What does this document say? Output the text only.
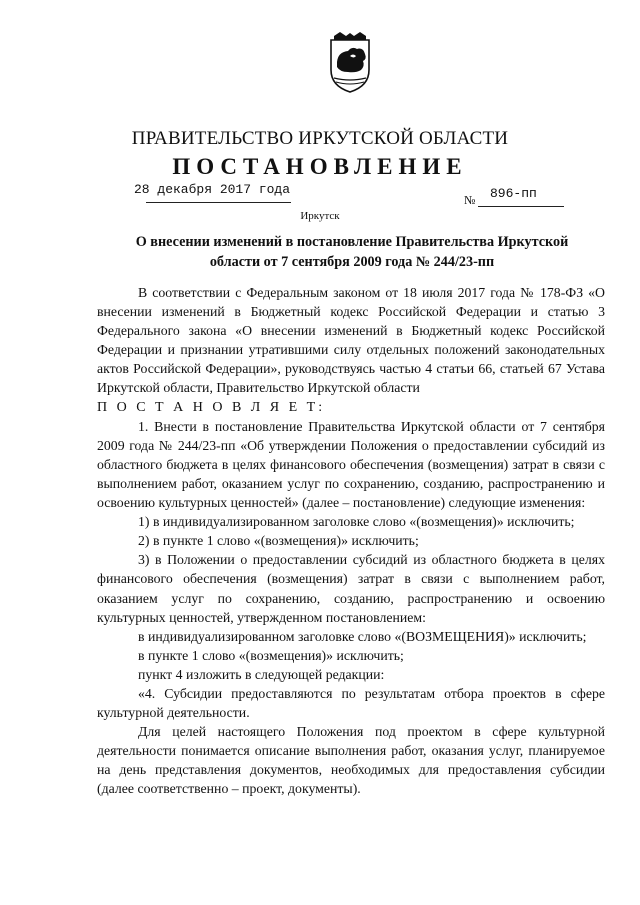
ПРАВИТЕЛЬСТВО ИРКУТСКОЙ ОБЛАСТИ
ПОСТАНОВЛЕНИЕ
28 декабря 2017 года
№ 896-пп
Иркутск
О внесении изменений в постановление Правительства Иркутской области от 7 сентября 2009 года № 244/23-пп

В соответствии с Федеральным законом от 18 июля 2017 года № 178-ФЗ «О внесении изменений в Бюджетный кодекс Российской Федерации и статью 3 Федерального закона «О внесении изменений в Бюджетный кодекс Российской Федерации и признании утратившими силу отдельных положений законодательных актов Российской Федерации», руководствуясь частью 4 статьи 66, статьей 67 Устава Иркутской области, Правительство Иркутской области

П О С Т А Н О В Л Я Е Т:

1. Внести в постановление Правительства Иркутской области от 7 сентября 2009 года № 244/23-пп «Об утверждении Положения о предоставлении субсидий из областного бюджета в целях финансового обеспечения (возмещения) затрат в связи с выполнением работ, оказанием услуг по сохранению, созданию, распространению и освоению культурных ценностей» (далее – постановление) следующие изменения:

1) в индивидуализированном заголовке слово «(возмещения)» исключить;

2) в пункте 1 слово «(возмещения)» исключить;

3) в Положении о предоставлении субсидий из областного бюджета в целях финансового обеспечения (возмещения) затрат в связи с выполнением работ, оказанием услуг по сохранению, созданию, распространению и освоению культурных ценностей, утвержденном постановлением:

в индивидуализированном заголовке слово «(ВОЗМЕЩЕНИЯ)» исключить;

в пункте 1 слово «(возмещения)» исключить;

пункт 4 изложить в следующей редакции:

«4. Субсидии предоставляются по результатам отбора проектов в сфере культурной деятельности.

Для целей настоящего Положения под проектом в сфере культурной деятельности понимается описание выполнения работ, оказания услуг, планируемое на день представления документов, необходимых для предоставления субсидии (далее соответственно – проект, документы).
